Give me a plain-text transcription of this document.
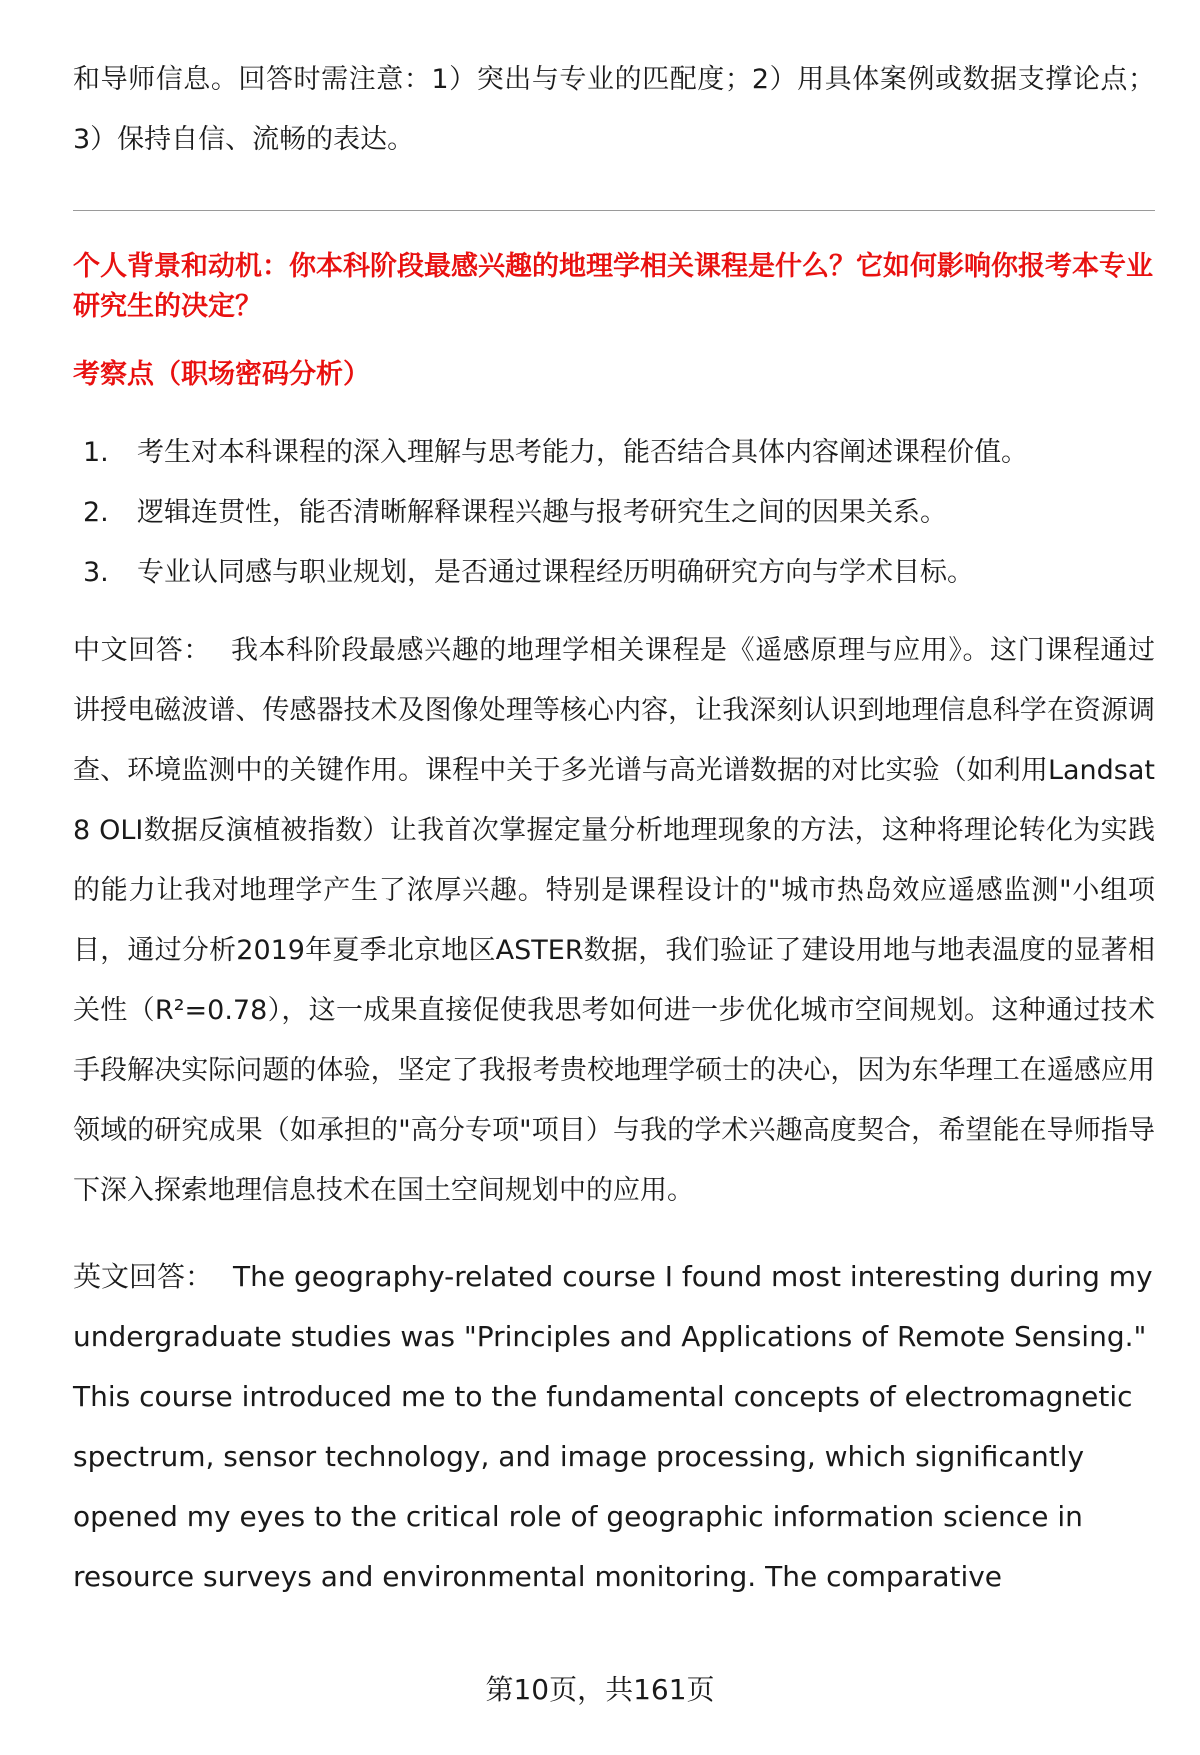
和导师信息。回答时需注意：1）突出与专业的匹配度；2）用具体案例或数据支撑论点；3）保持自信、流畅的表达。

个人背景和动机：你本科阶段最感兴趣的地理学相关课程是什么？它如何影响你报考本专业研究生的决定？

考察点（职场密码分析）

1.	考生对本科课程的深入理解与思考能力，能否结合具体内容阐述课程价值。
2.	逻辑连贯性，能否清晰解释课程兴趣与报考研究生之间的因果关系。
3.	专业认同感与职业规划，是否通过课程经历明确研究方向与学术目标。

中文回答： 我本科阶段最感兴趣的地理学相关课程是《遥感原理与应用》。这门课程通过讲授电磁波谱、传感器技术及图像处理等核心内容，让我深刻认识到地理信息科学在资源调查、环境监测中的关键作用。课程中关于多光谱与高光谱数据的对比实验（如利用Landsat 8 OLI数据反演植被指数）让我首次掌握定量分析地理现象的方法，这种将理论转化为实践的能力让我对地理学产生了浓厚兴趣。特别是课程设计的"城市热岛效应遥感监测"小组项目，通过分析2019年夏季北京地区ASTER数据，我们验证了建设用地与地表温度的显著相关性（R²=0.78），这一成果直接促使我思考如何进一步优化城市空间规划。这种通过技术手段解决实际问题的体验，坚定了我报考贵校地理学硕士的决心，因为东华理工在遥感应用领域的研究成果（如承担的"高分专项"项目）与我的学术兴趣高度契合，希望能在导师指导下深入探索地理信息技术在国土空间规划中的应用。

英文回答： The geography-related course I found most interesting during my undergraduate studies was "Principles and Applications of Remote Sensing." This course introduced me to the fundamental concepts of electromagnetic spectrum, sensor technology, and image processing, which significantly opened my eyes to the critical role of geographic information science in resource surveys and environmental monitoring. The comparative

第10页，共161页
